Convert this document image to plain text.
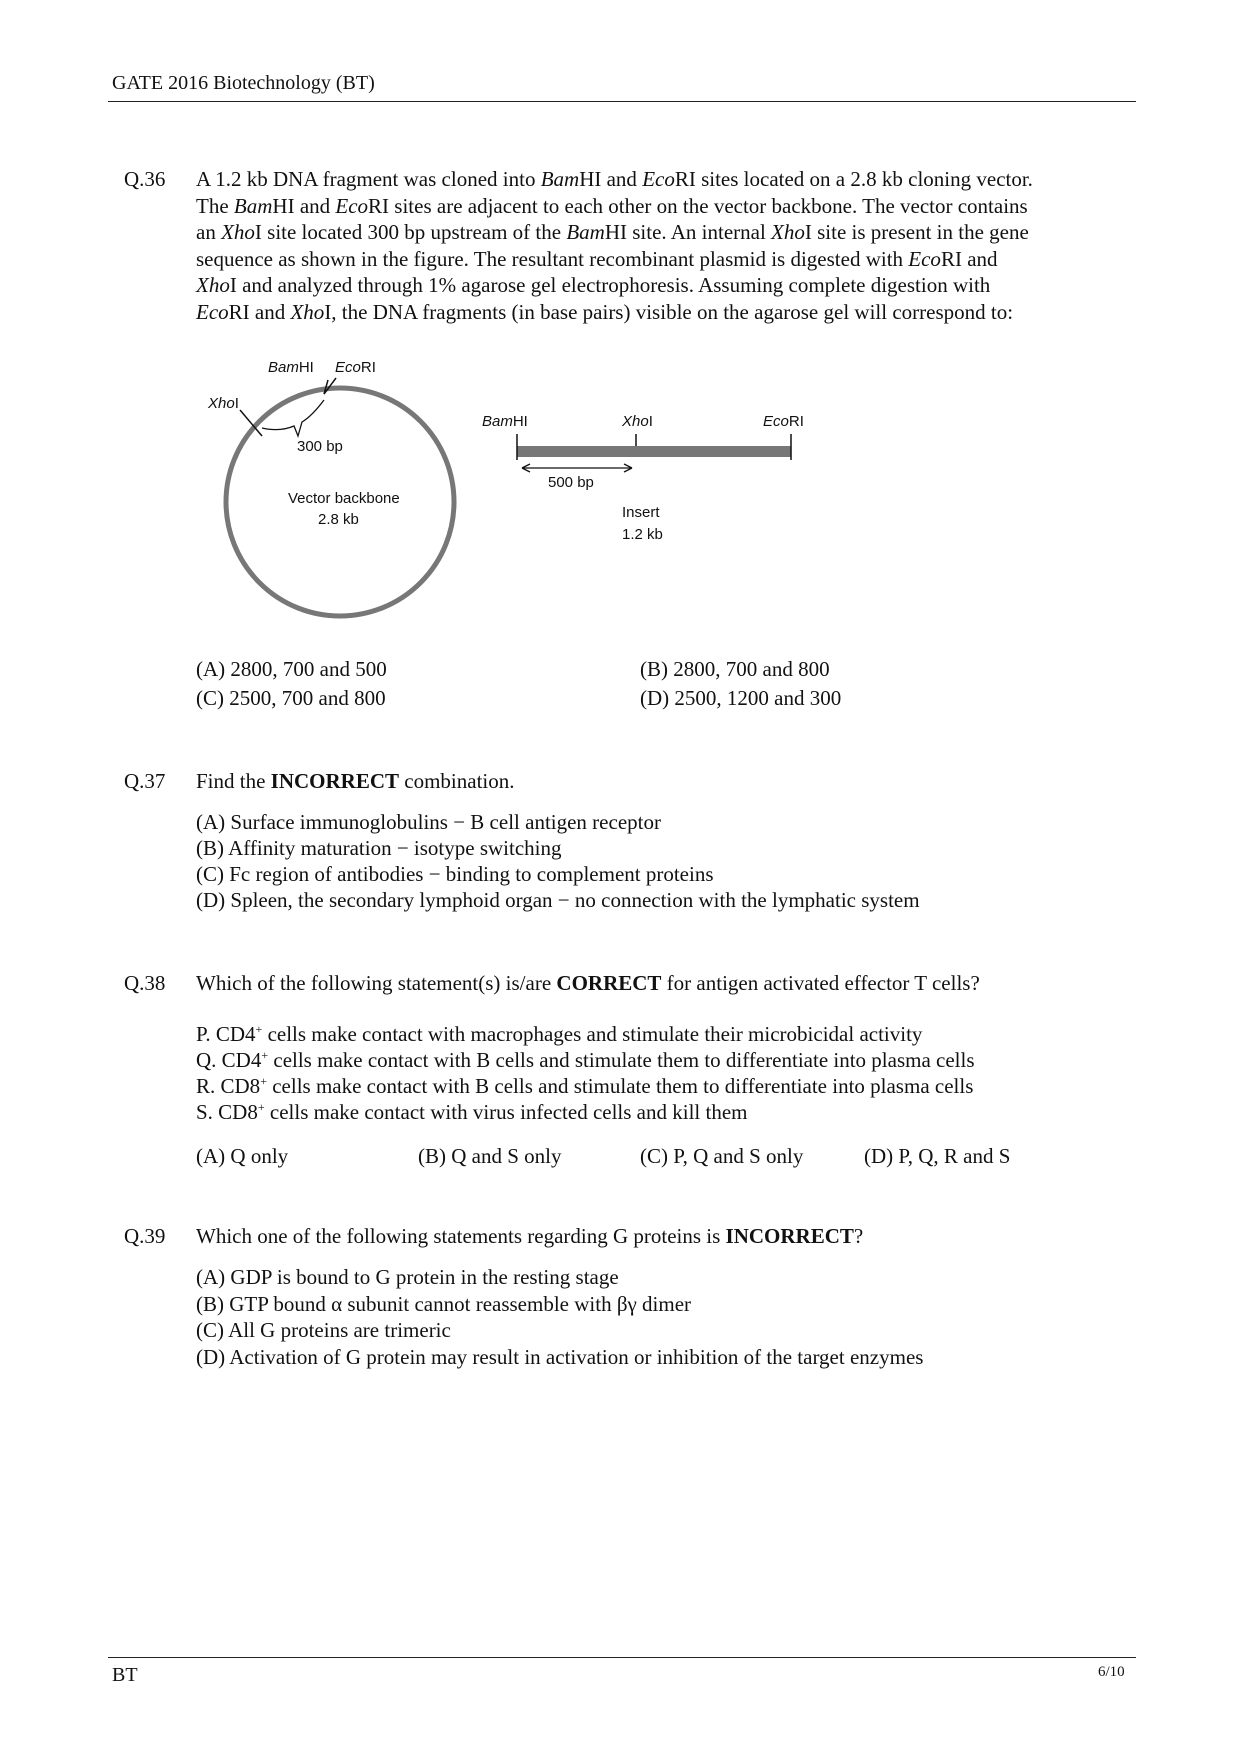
GATE 2016 Biotechnology (BT)
Q.36 A 1.2 kb DNA fragment was cloned into BamHI and EcoRI sites located on a 2.8 kb cloning vector.
The BamHI and EcoRI sites are adjacent to each other on the vector backbone. The vector contains
an XhoI site located 300 bp upstream of the BamHI site. An internal XhoI site is present in the gene
sequence as shown in the figure. The resultant recombinant plasmid is digested with EcoRI and
XhoI and analyzed through 1% agarose gel electrophoresis. Assuming complete digestion with
EcoRI and XhoI, the DNA fragments (in base pairs) visible on the agarose gel will correspond to:
BamHI EcoRI
XhoI
300 bp
Vector backbone
2.8 kb
BamHI	XhoI	EcoRI
500 bp
Insert
1.2 kb
(A) 2800, 700 and 500	(B) 2800, 700 and 800
(C) 2500, 700 and 800	(D) 2500, 1200 and 300
Q.37 Find the INCORRECT combination.
(A) Surface immunoglobulins − B cell antigen receptor
(B) Affinity maturation − isotype switching
(C) Fc region of antibodies − binding to complement proteins
(D) Spleen, the secondary lymphoid organ − no connection with the lymphatic system
Q.38 Which of the following statement(s) is/are CORRECT for antigen activated effector T cells?
P. CD4+ cells make contact with macrophages and stimulate their microbicidal activity
Q. CD4+ cells make contact with B cells and stimulate them to differentiate into plasma cells
R. CD8+ cells make contact with B cells and stimulate them to differentiate into plasma cells
S. CD8+ cells make contact with virus infected cells and kill them
(A) Q only	(B) Q and S only	(C) P, Q and S only	(D) P, Q, R and S
Q.39 Which one of the following statements regarding G proteins is INCORRECT?
(A) GDP is bound to G protein in the resting stage
(B) GTP bound α subunit cannot reassemble with βγ dimer
(C) All G proteins are trimeric
(D) Activation of G protein may result in activation or inhibition of the target enzymes
BT	6/10
